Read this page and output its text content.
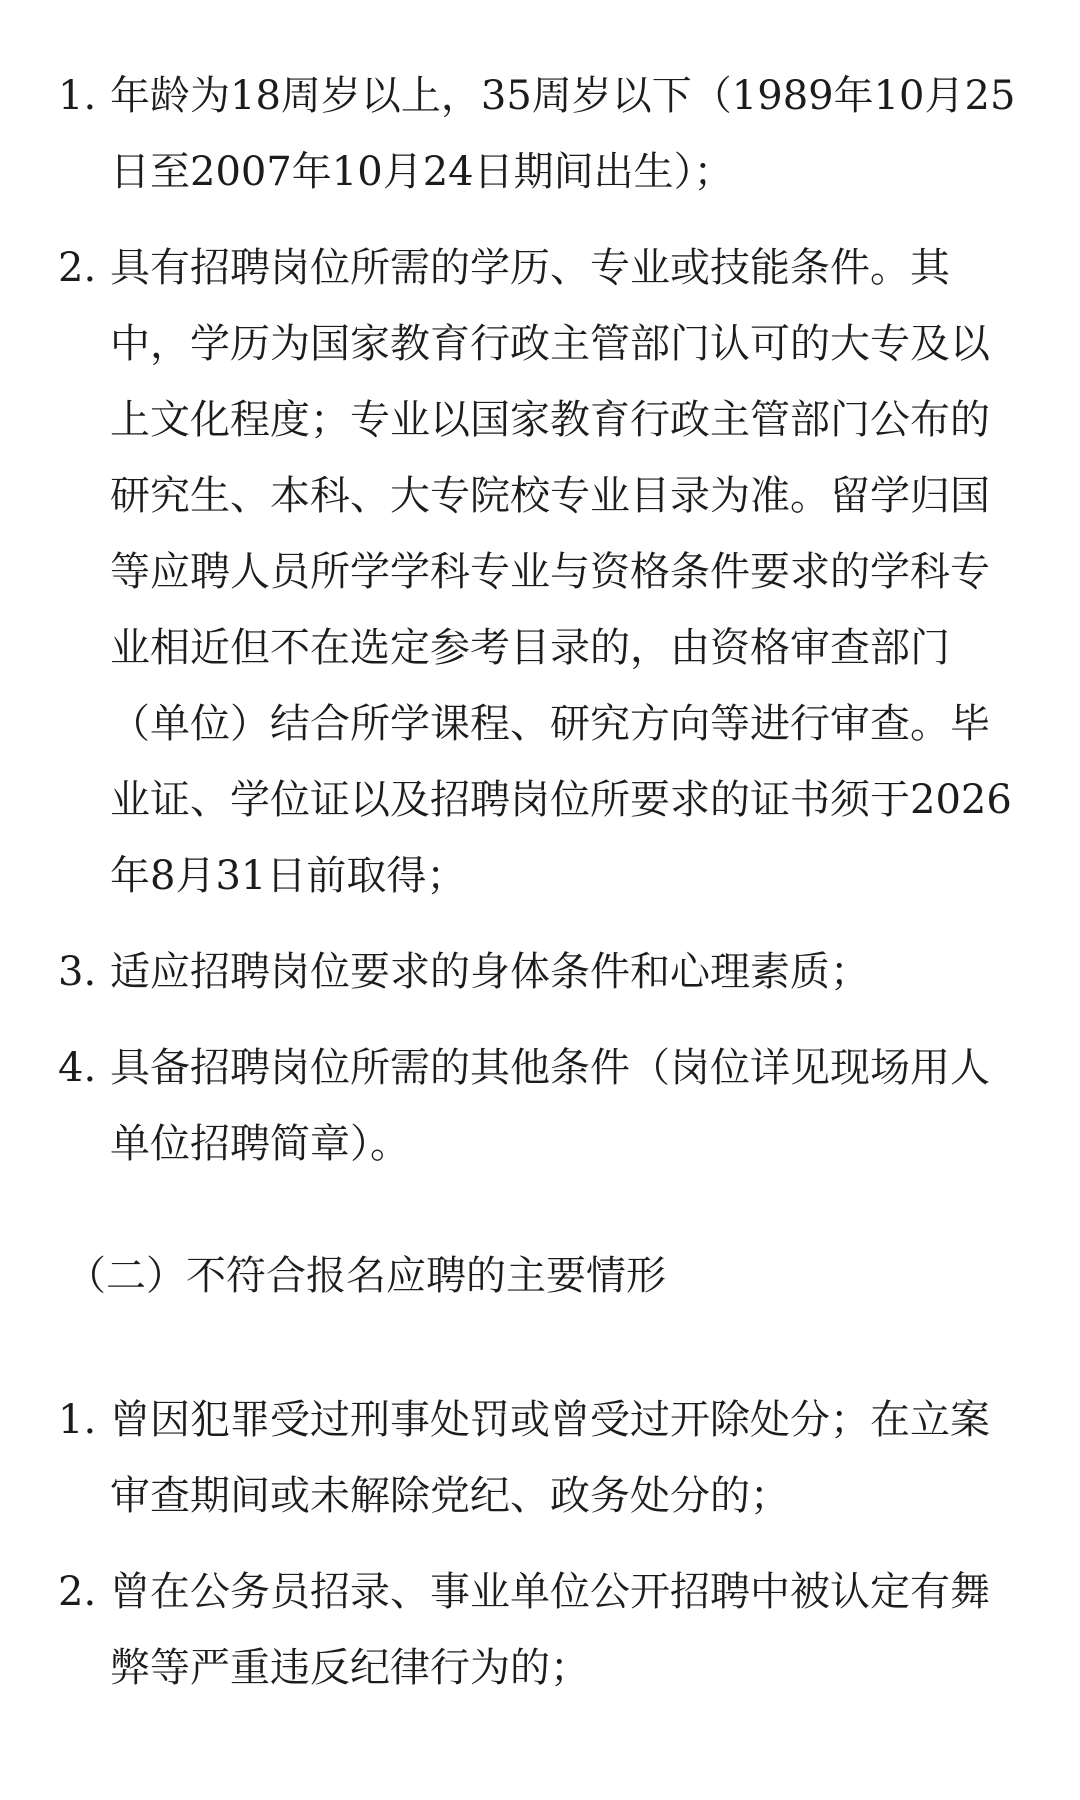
1. 年龄为18周岁以上，35周岁以下（1989年10月25日至2007年10月24日期间出生）；
2. 具有招聘岗位所需的学历、专业或技能条件。其中，学历为国家教育行政主管部门认可的大专及以上文化程度；专业以国家教育行政主管部门公布的研究生、本科、大专院校专业目录为准。留学归国等应聘人员所学学科专业与资格条件要求的学科专业相近但不在选定参考目录的，由资格审查部门（单位）结合所学课程、研究方向等进行审查。毕业证、学位证以及招聘岗位所要求的证书须于2026年8月31日前取得；
3. 适应招聘岗位要求的身体条件和心理素质；
4. 具备招聘岗位所需的其他条件（岗位详见现场用人单位招聘简章）。
（二）不符合报名应聘的主要情形
1. 曾因犯罪受过刑事处罚或曾受过开除处分；在立案审查期间或未解除党纪、政务处分的；
2. 曾在公务员招录、事业单位公开招聘中被认定有舞弊等严重违反纪律行为的；
